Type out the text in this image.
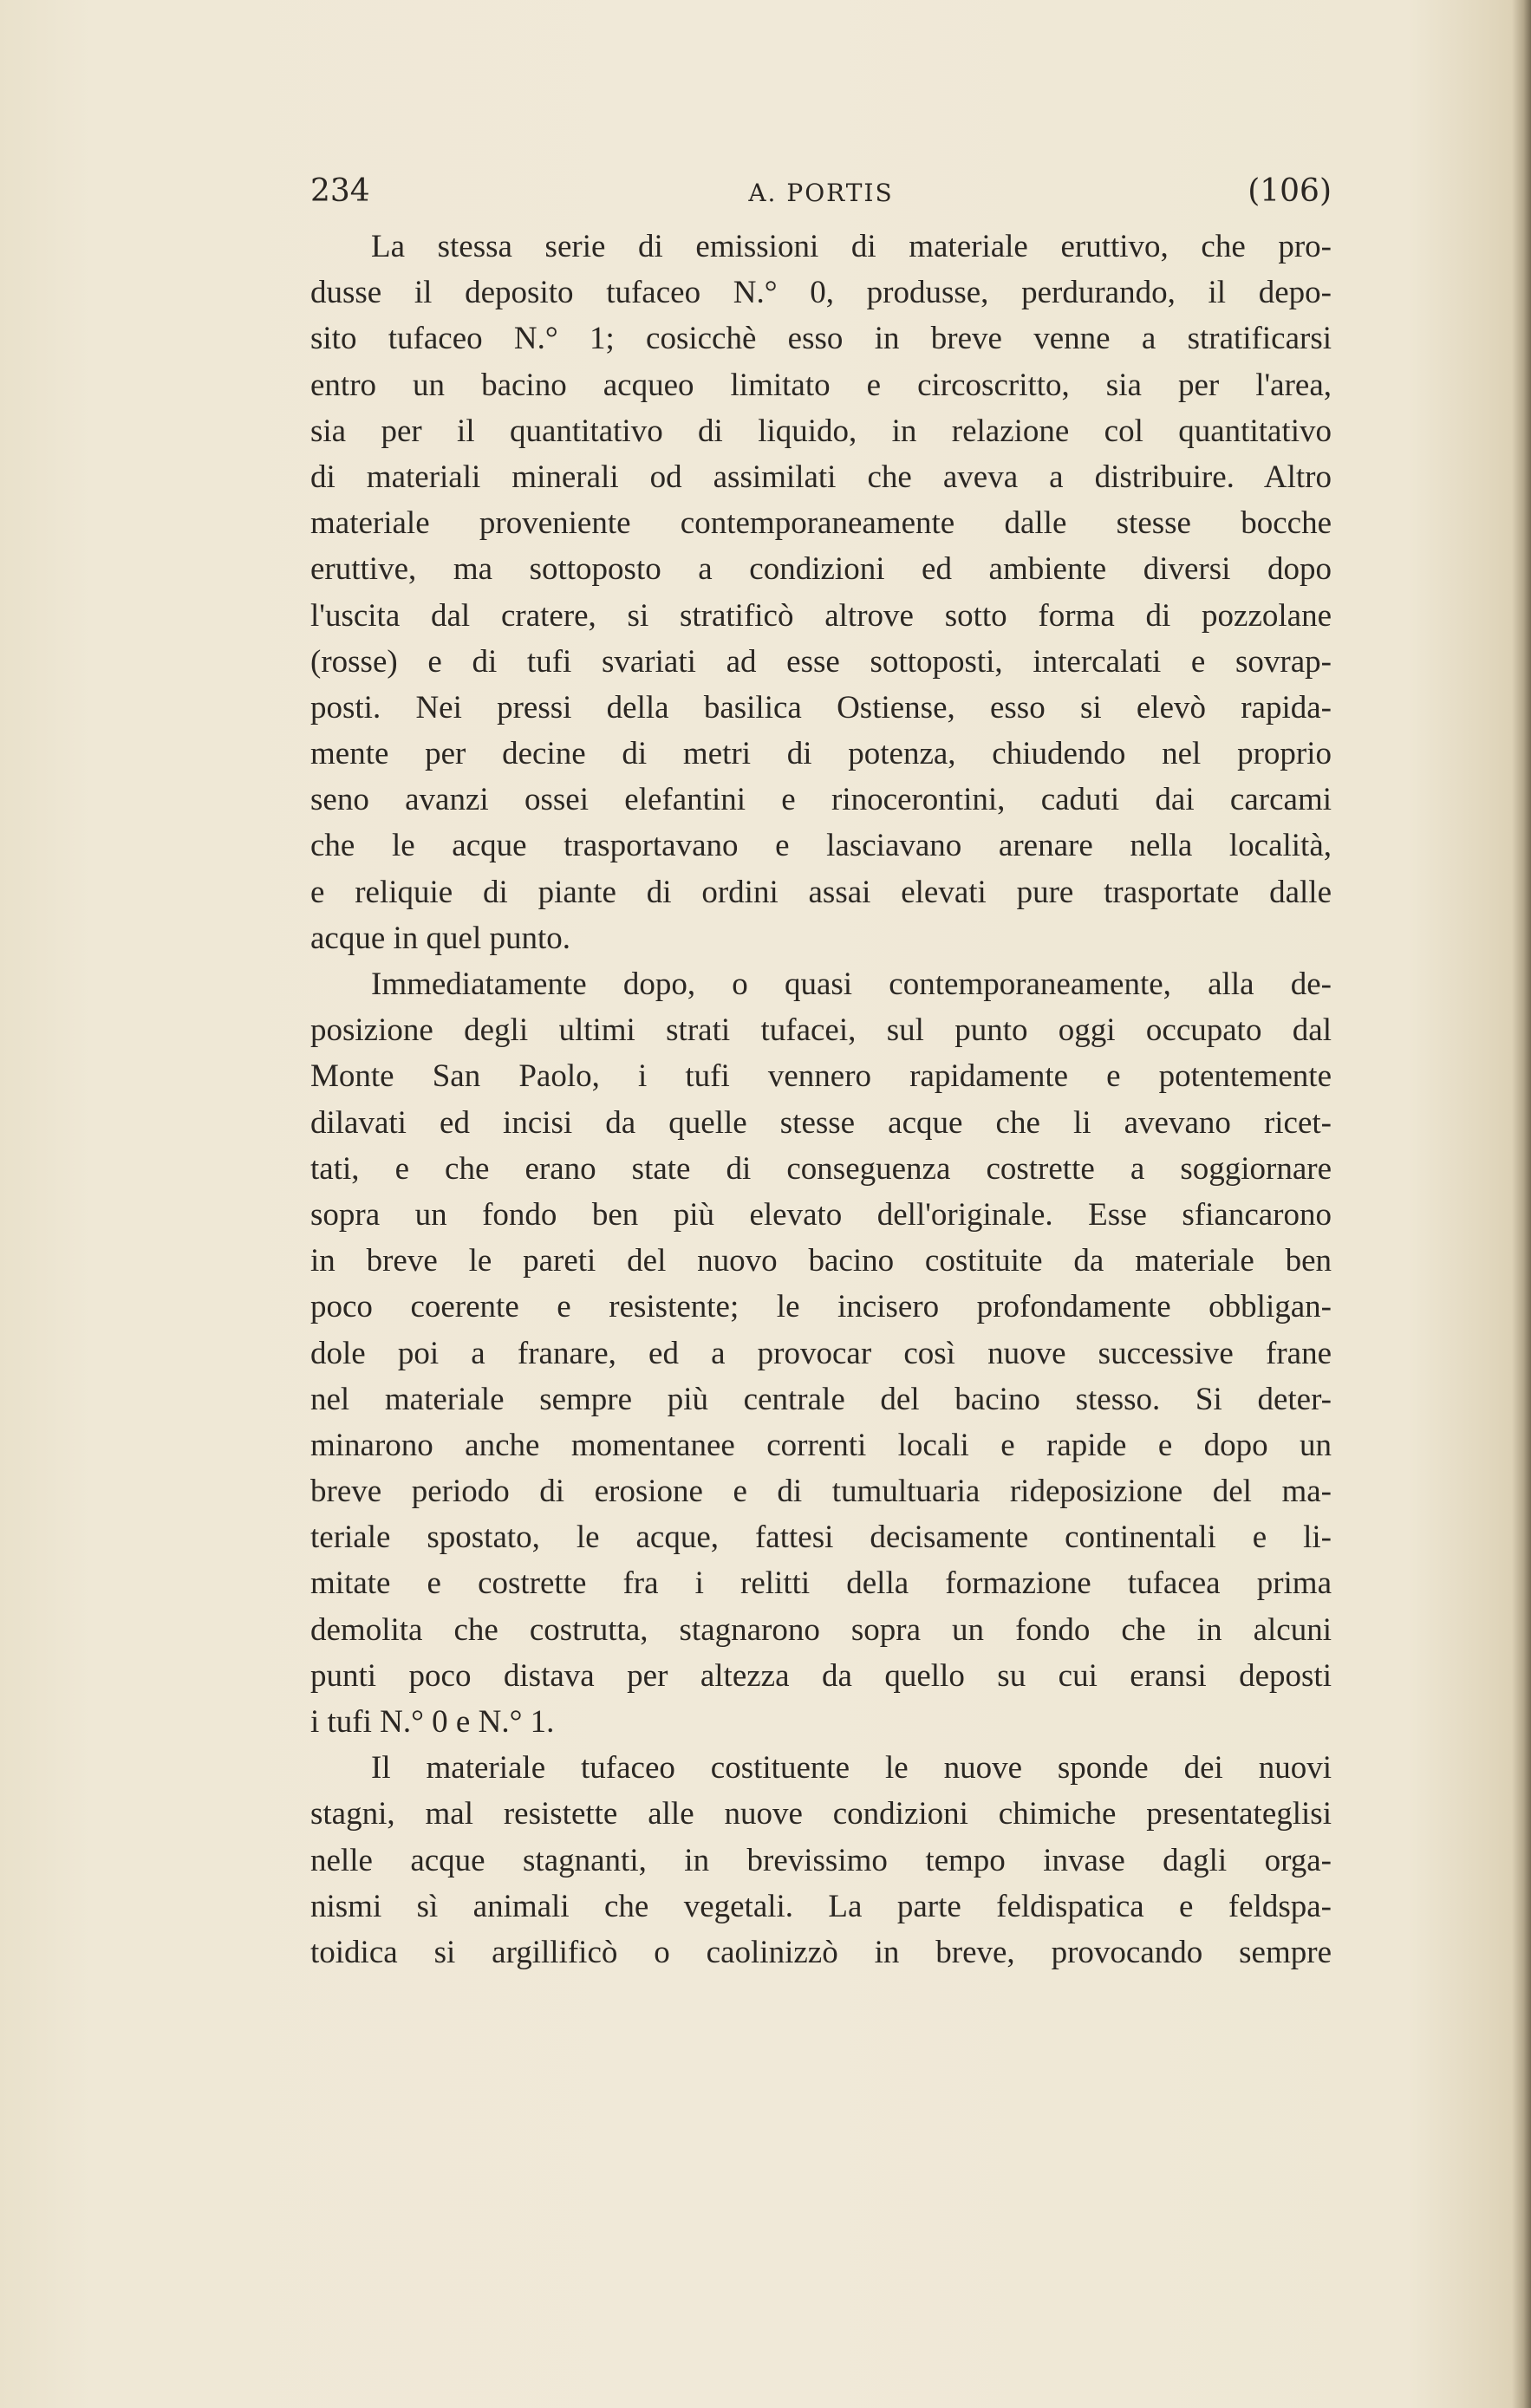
234	A. PORTIS	(106)
La stessa serie di emissioni di materiale eruttivo, che pro-
dusse il deposito tufaceo N.° 0, produsse, perdurando, il depo-
sito tufaceo N.° 1; cosicchè esso in breve venne a stratificarsi
entro un bacino acqueo limitato e circoscritto, sia per l'area,
sia per il quantitativo di liquido, in relazione col quantitativo
di materiali minerali od assimilati che aveva a distribuire. Altro
materiale proveniente contemporaneamente dalle stesse bocche
eruttive, ma sottoposto a condizioni ed ambiente diversi dopo
l'uscita dal cratere, si stratificò altrove sotto forma di pozzolane
(rosse) e di tufi svariati ad esse sottoposti, intercalati e sovrap-
posti. Nei pressi della basilica Ostiense, esso si elevò rapida-
mente per decine di metri di potenza, chiudendo nel proprio
seno avanzi ossei elefantini e rinocerontini, caduti dai carcami
che le acque trasportavano e lasciavano arenare nella località,
e reliquie di piante di ordini assai elevati pure trasportate dalle
acque in quel punto.
Immediatamente dopo, o quasi contemporaneamente, alla de-
posizione degli ultimi strati tufacei, sul punto oggi occupato dal
Monte San Paolo, i tufi vennero rapidamente e potentemente
dilavati ed incisi da quelle stesse acque che li avevano ricet-
tati, e che erano state di conseguenza costrette a soggiornare
sopra un fondo ben più elevato dell'originale. Esse sfiancarono
in breve le pareti del nuovo bacino costituite da materiale ben
poco coerente e resistente; le incisero profondamente obbligan-
dole poi a franare, ed a provocar così nuove successive frane
nel materiale sempre più centrale del bacino stesso. Si deter-
minarono anche momentanee correnti locali e rapide e dopo un
breve periodo di erosione e di tumultuaria rideposizione del ma-
teriale spostato, le acque, fattesi decisamente continentali e li-
mitate e costrette fra i relitti della formazione tufacea prima
demolita che costrutta, stagnarono sopra un fondo che in alcuni
punti poco distava per altezza da quello su cui eransi deposti
i tufi N.° 0 e N.° 1.
Il materiale tufaceo costituente le nuove sponde dei nuovi
stagni, mal resistette alle nuove condizioni chimiche presentateglisi
nelle acque stagnanti, in brevissimo tempo invase dagli orga-
nismi sì animali che vegetali. La parte feldispatica e feldspa-
toidica si argillificò o caolinizzò in breve, provocando sempre
